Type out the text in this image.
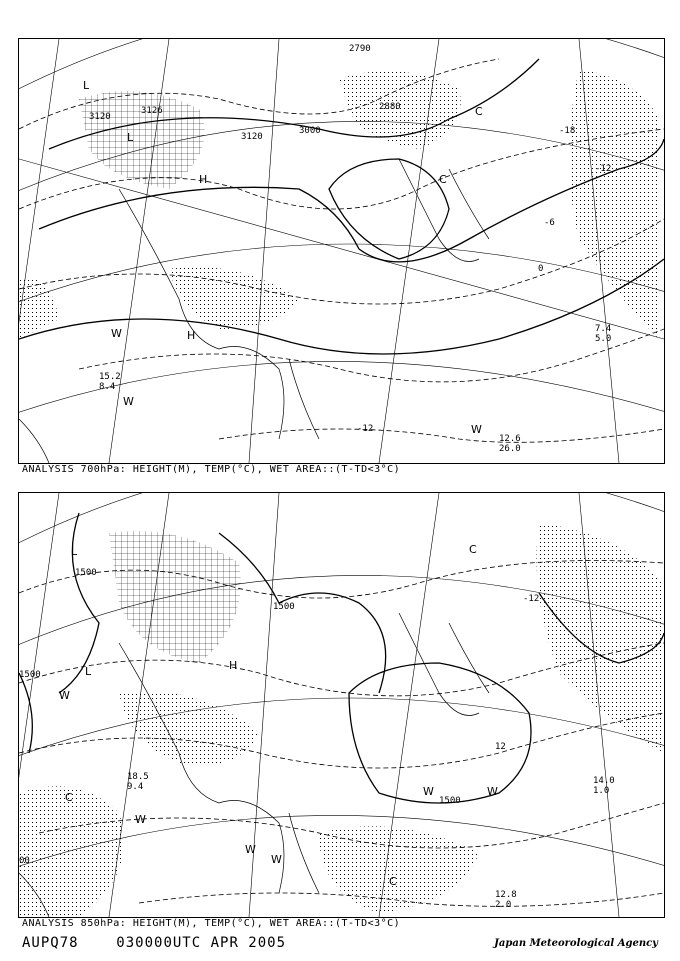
2790
2880
3000
3120
3126
3120
-18
-12
-6
0
-12
L
L
H
H
C
C
W
W
W
15.2
8.4
12.6
26.0
7.4
5.0
ANALYSIS 700hPa: HEIGHT(M), TEMP(°C), WET AREA::(T-TD<3°C)
1500
1500
1500
1500
00
-12
12
L
L	H
C
C
C
W
W
W
W	W
W
18.5
9.4
12.8
2.0
14.0
1.0
ANALYSIS 850hPa: HEIGHT(M), TEMP(°C), WET AREA::(T-TD<3°C)
AUPQ78	030000UTC APR 2005	Japan Meteorological Agency
